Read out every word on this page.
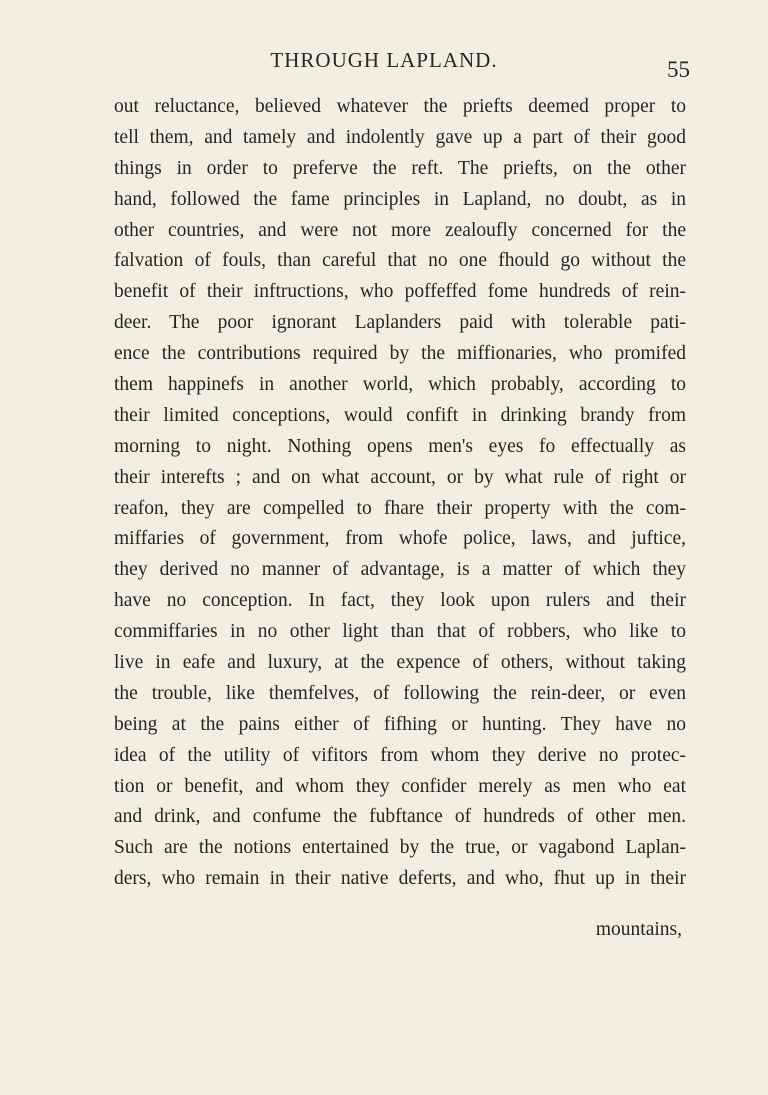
THROUGH LAPLAND.	55
out reluctance, believed whatever the priefts deemed proper to
tell them, and tamely and indolently gave up a part of their good
things in order to preferve the reft. The priefts, on the other
hand, followed the fame principles in Lapland, no doubt, as in
other countries, and were not more zealoufly concerned for the
falvation of fouls, than careful that no one fhould go without the
benefit of their inftructions, who poffeffed fome hundreds of rein-
deer. The poor ignorant Laplanders paid with tolerable pati-
ence the contributions required by the miffionaries, who promifed
them happinefs in another world, which probably, according to
their limited conceptions, would confift in drinking brandy from
morning to night. Nothing opens men's eyes fo effectually as
their interefts ; and on what account, or by what rule of right or
reafon, they are compelled to fhare their property with the com-
miffaries of government, from whofe police, laws, and juftice,
they derived no manner of advantage, is a matter of which they
have no conception. In fact, they look upon rulers and their
commiffaries in no other light than that of robbers, who like to
live in eafe and luxury, at the expence of others, without taking
the trouble, like themfelves, of following the rein-deer, or even
being at the pains either of fifhing or hunting. They have no
idea of the utility of vifitors from whom they derive no protec-
tion or benefit, and whom they confider merely as men who eat
and drink, and confume the fubftance of hundreds of other men.
Such are the notions entertained by the true, or vagabond Laplan-
ders, who remain in their native deferts, and who, fhut up in their
mountains,
